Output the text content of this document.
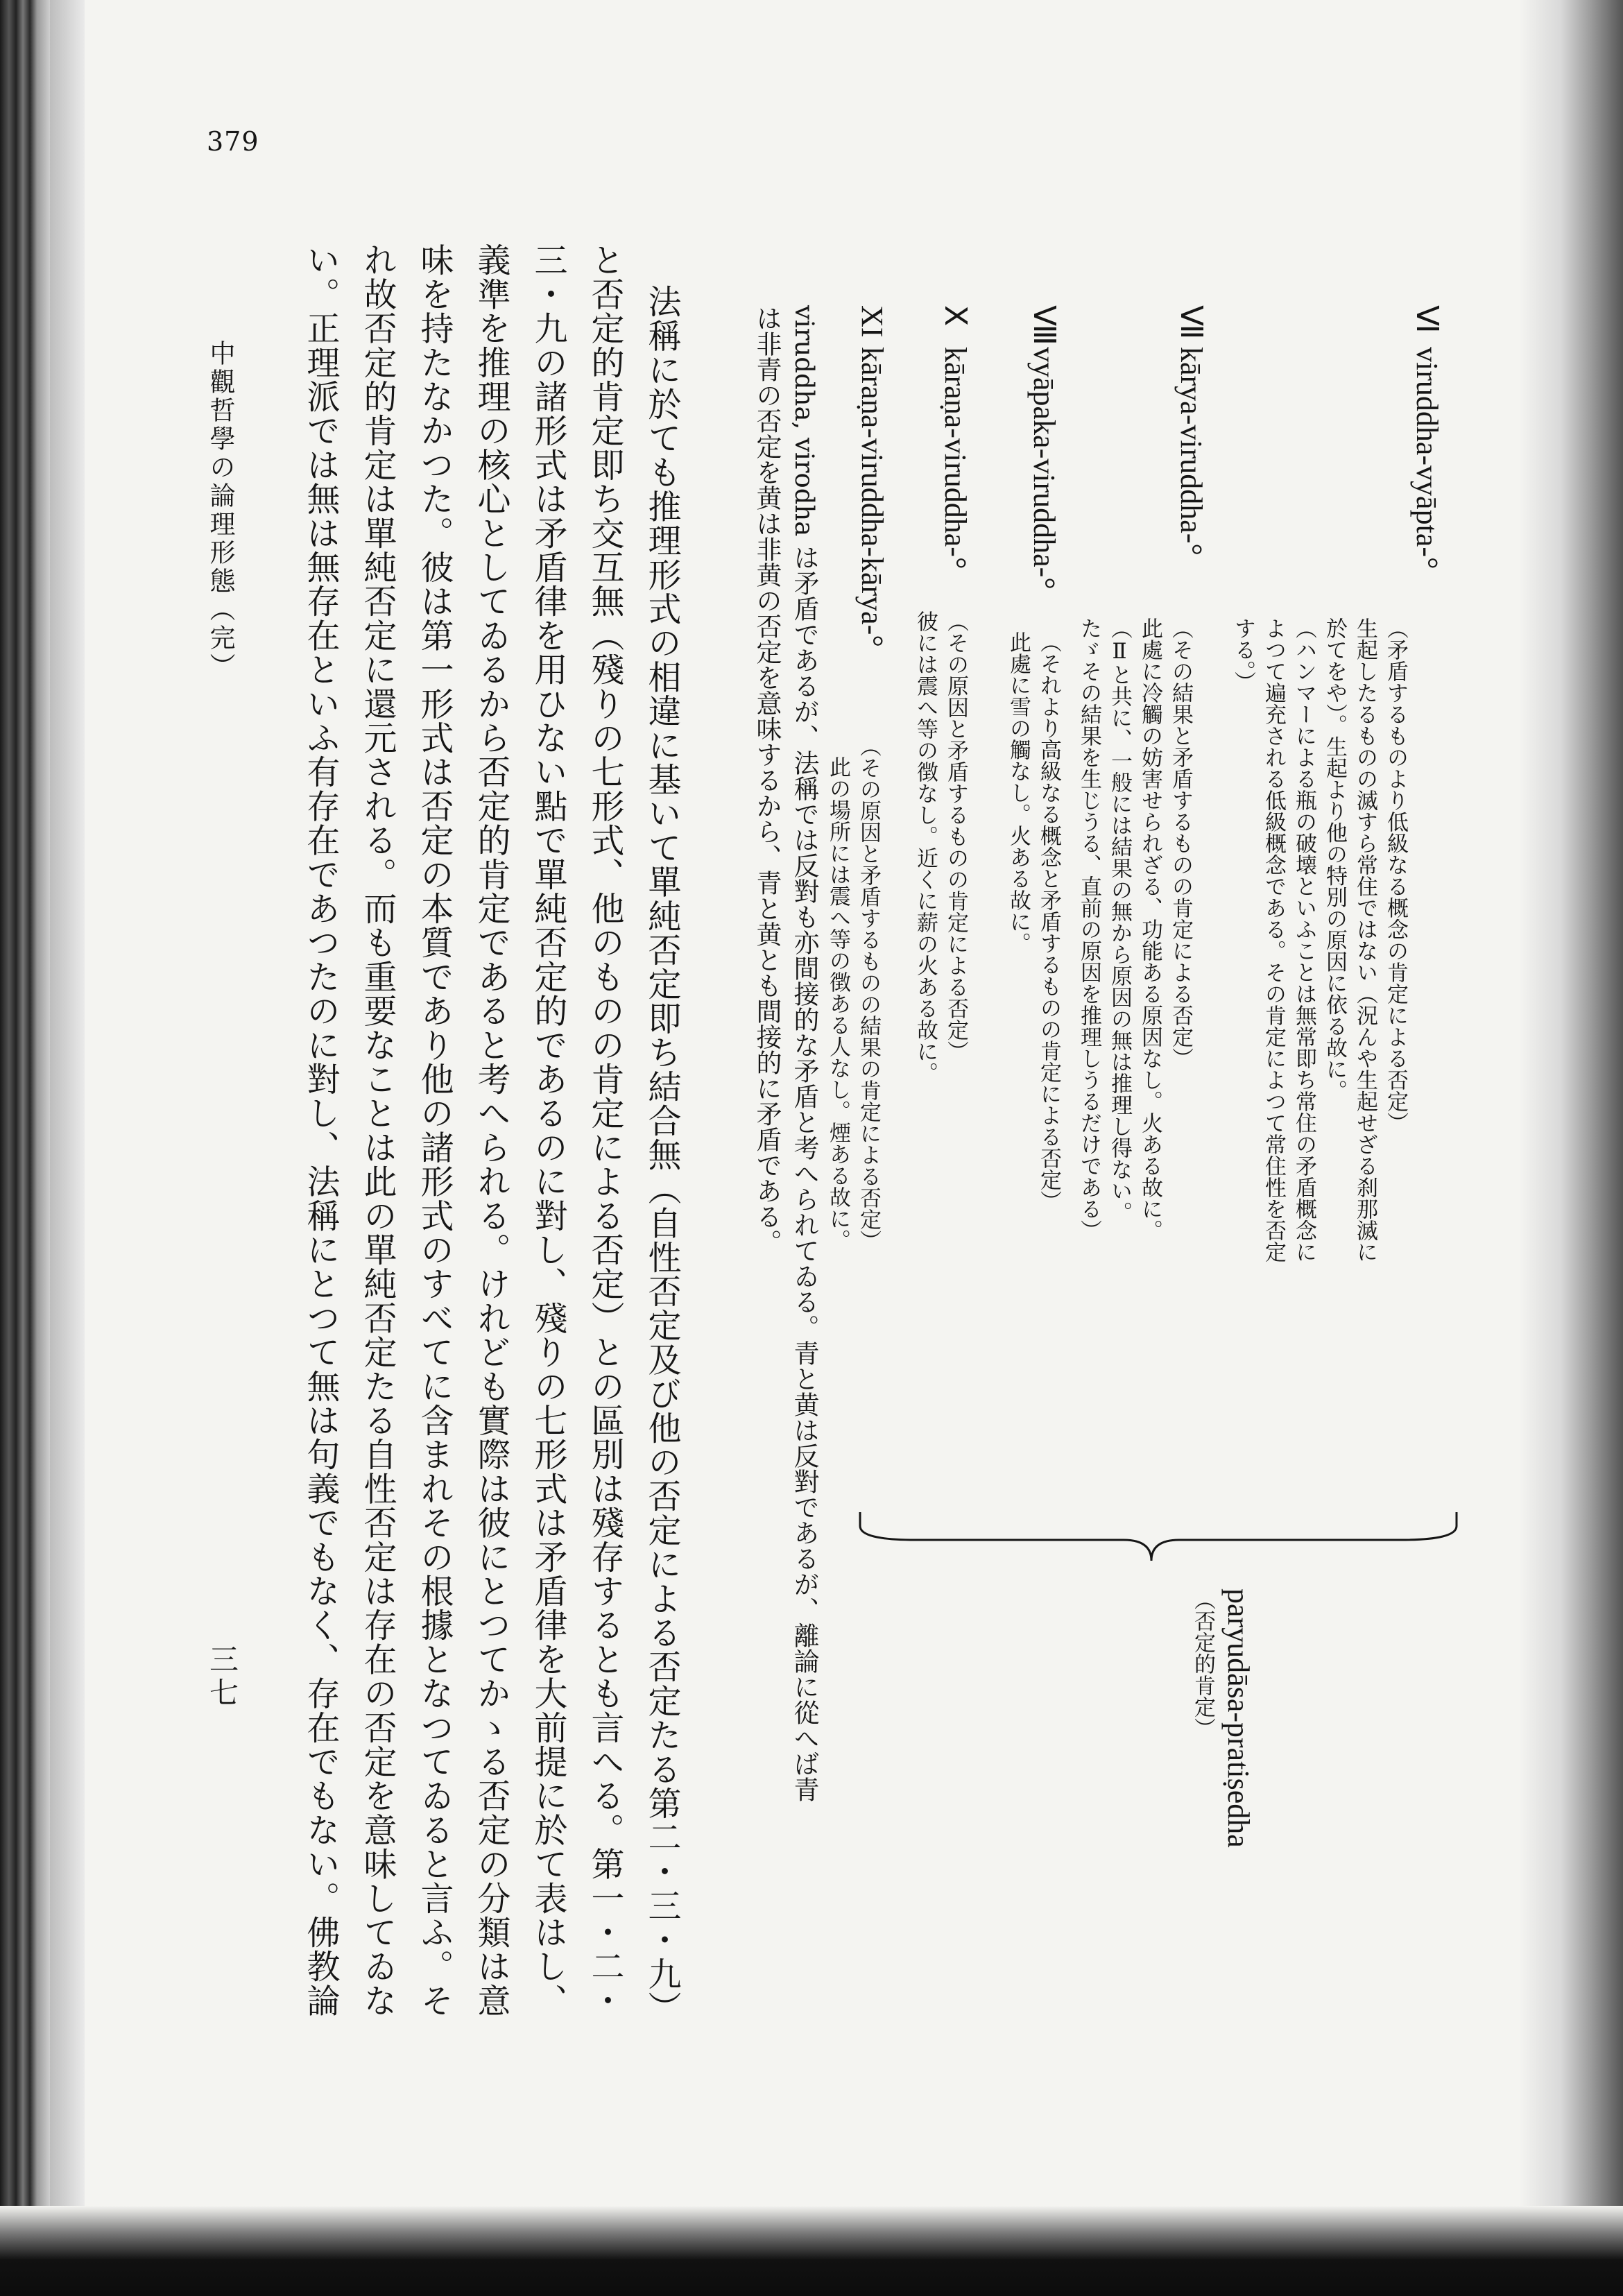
379
Ⅵ
viruddha-vyāpta-°
（矛盾するものより低級なる概念の肯定による否定）
生起したるものの滅すら常住ではない（況んや生起せざる刹那滅に
於てをや）。生起より他の特別の原因に依る故に。
（ハンマーによる瓶の破壊といふことは無常即ち常住の矛盾概念に
よつて遍充される低級概念である。その肯定によつて常住性を否定
する。）
Ⅶ
kārya-viruddha-°
（その結果と矛盾するものの肯定による否定）
此處に冷觸の妨害せられざる、功能ある原因なし。火ある故に。
（Ⅱと共に、一般には結果の無から原因の無は推理し得ない。
たゞその結果を生じうる、直前の原因を推理しうるだけである）
Ⅷ
vyāpaka-viruddha-°
（それより高級なる概念と矛盾するものの肯定による否定）
此處に雪の觸なし。火ある故に。
Ⅹ
kāraṇa-viruddha-°
（その原因と矛盾するものの肯定による否定）
彼には震へ等の徴なし。近くに薪の火ある故に。
XI
kāraṇa-viruddha-kārya-°
（その原因と矛盾するものの結果の肯定による否定）
此の場所には震へ等の徴ある人なし。煙ある故に。
paryudāsa-pratiṣedha
（否定的肯定）
viruddha, virodha は矛盾であるが、法稱では反對も亦間接的な矛盾と考へられてゐる。青と黄は反對であるが、離論に從へば青
は非青の否定を黄は非黄の否定を意味するから、青と黄とも間接的に矛盾である。
法稱に於ても推理形式の相違に基いて單純否定即ち結合無（自性否定及び他の否定による否定たる第二・三・九）
と否定的肯定即ち交互無（殘りの七形式、他のものの肯定による否定）との區別は殘存するとも言へる。第一・二・
三・九の諸形式は矛盾律を用ひない點で單純否定的であるのに對し、殘りの七形式は矛盾律を大前提に於て表はし、
義準を推理の核心としてゐるから否定的肯定であると考へられる。けれども實際は彼にとつてかゝる否定の分類は意
味を持たなかつた。彼は第一形式は否定の本質であり他の諸形式のすべてに含まれその根據となつてゐると言ふ。そ
れ故否定的肯定は單純否定に還元される。而も重要なことは此の單純否定たる自性否定は存在の否定を意味してゐな
い。正理派では無は無存在といふ有存在であつたのに對し、法稱にとつて無は句義でもなく、存在でもない。佛教論
中觀哲學の論理形態（完）
三七
